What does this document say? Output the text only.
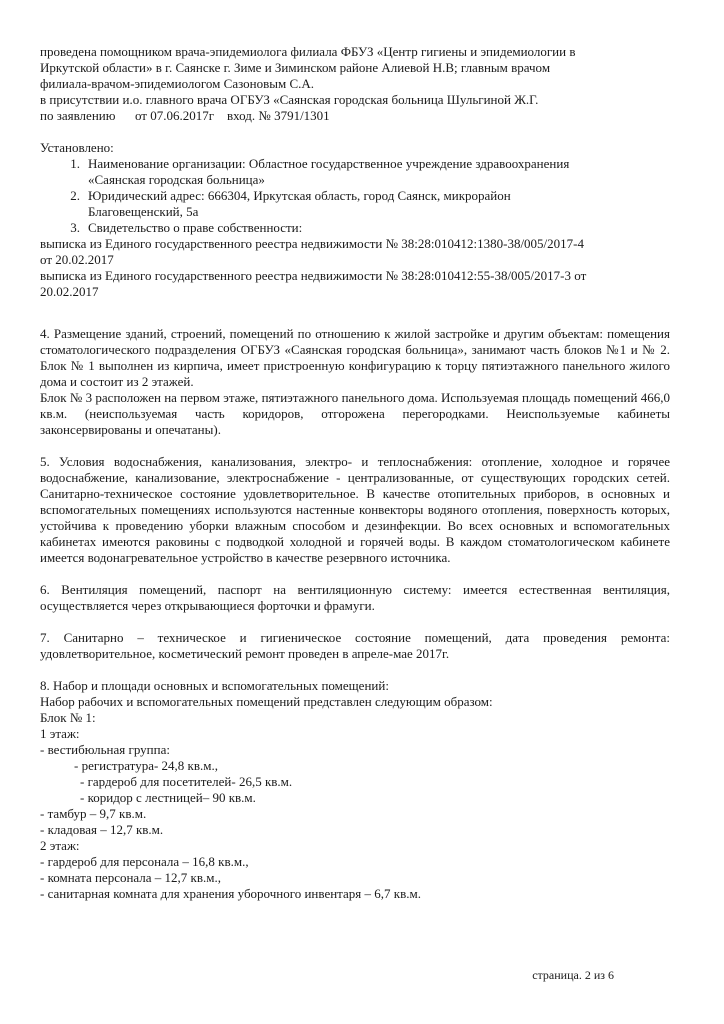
проведена помощником врача-эпидемиолога филиала ФБУЗ «Центр гигиены и эпидемиологии в

Иркутской области» в г. Саянске г. Зиме и Зиминском районе Алиевой Н.В; главным врачом

филиала-врачом-эпидемиологом Сазоновым С.А.

в присутствии и.о. главного врача ОГБУЗ «Саянская городская больница Шульгиной Ж.Г.

по заявлению      от 07.06.2017г    вход. № 3791/1301

Установлено:

1. Наименование организации: Областное государственное учреждение здравоохранения

«Саянская городская больница»

2. Юридический адрес: 666304, Иркутская область, город Саянск, микрорайон

Благовещенский, 5а

3. Свидетельство о праве собственности:

выписка из Единого государственного реестра недвижимости № 38:28:010412:1380-38/005/2017-4

от 20.02.2017

выписка из Единого государственного реестра недвижимости № 38:28:010412:55-38/005/2017-3 от

20.02.2017

4. Размещение зданий, строений, помещений по отношению к жилой застройке и другим объектам: помещения стоматологического подразделения ОГБУЗ «Саянская городская больница», занимают часть блоков №1 и № 2. Блок № 1 выполнен из кирпича, имеет пристроенную конфигурацию к торцу пятиэтажного панельного жилого дома и состоит из 2 этажей.

Блок № 3 расположен на первом этаже, пятиэтажного панельного дома. Используемая площадь помещений 466,0 кв.м. (неиспользуемая часть коридоров, отгорожена перегородками. Неиспользуемые кабинеты законсервированы и опечатаны).

5. Условия водоснабжения, канализования, электро- и теплоснабжения: отопление, холодное и горячее водоснабжение, канализование, электроснабжение - централизованные, от существующих городских сетей. Санитарно-техническое состояние удовлетворительное. В качестве отопительных приборов, в основных и вспомогательных помещениях используются настенные конвекторы водяного отопления, поверхность которых, устойчива к проведению уборки влажным способом и дезинфекции. Во всех основных и вспомогательных кабинетах имеются раковины с подводкой холодной и горячей воды. В каждом стоматологическом кабинете имеется водонагревательное устройство в качестве резервного источника.

6. Вентиляция помещений, паспорт на вентиляционную систему: имеется естественная вентиляция, осуществляется через открывающиеся форточки и фрамуги.

7. Санитарно – техническое и гигиеническое состояние помещений, дата проведения ремонта: удовлетворительное, косметический ремонт проведен в апреле-мае 2017г.

8. Набор и площади основных и вспомогательных помещений:

Набор рабочих и вспомогательных помещений представлен следующим образом:

Блок № 1:

1 этаж:

- вестибюльная группа:

- регистратура- 24,8 кв.м.,

- гардероб для посетителей- 26,5 кв.м.

- коридор с лестницей– 90 кв.м.

- тамбур – 9,7 кв.м.

- кладовая – 12,7 кв.м.

2 этаж:

- гардероб для персонала – 16,8 кв.м.,

- комната персонала – 12,7 кв.м.,

- санитарная комната для хранения уборочного инвентаря – 6,7 кв.м.

страница. 2 из 6
